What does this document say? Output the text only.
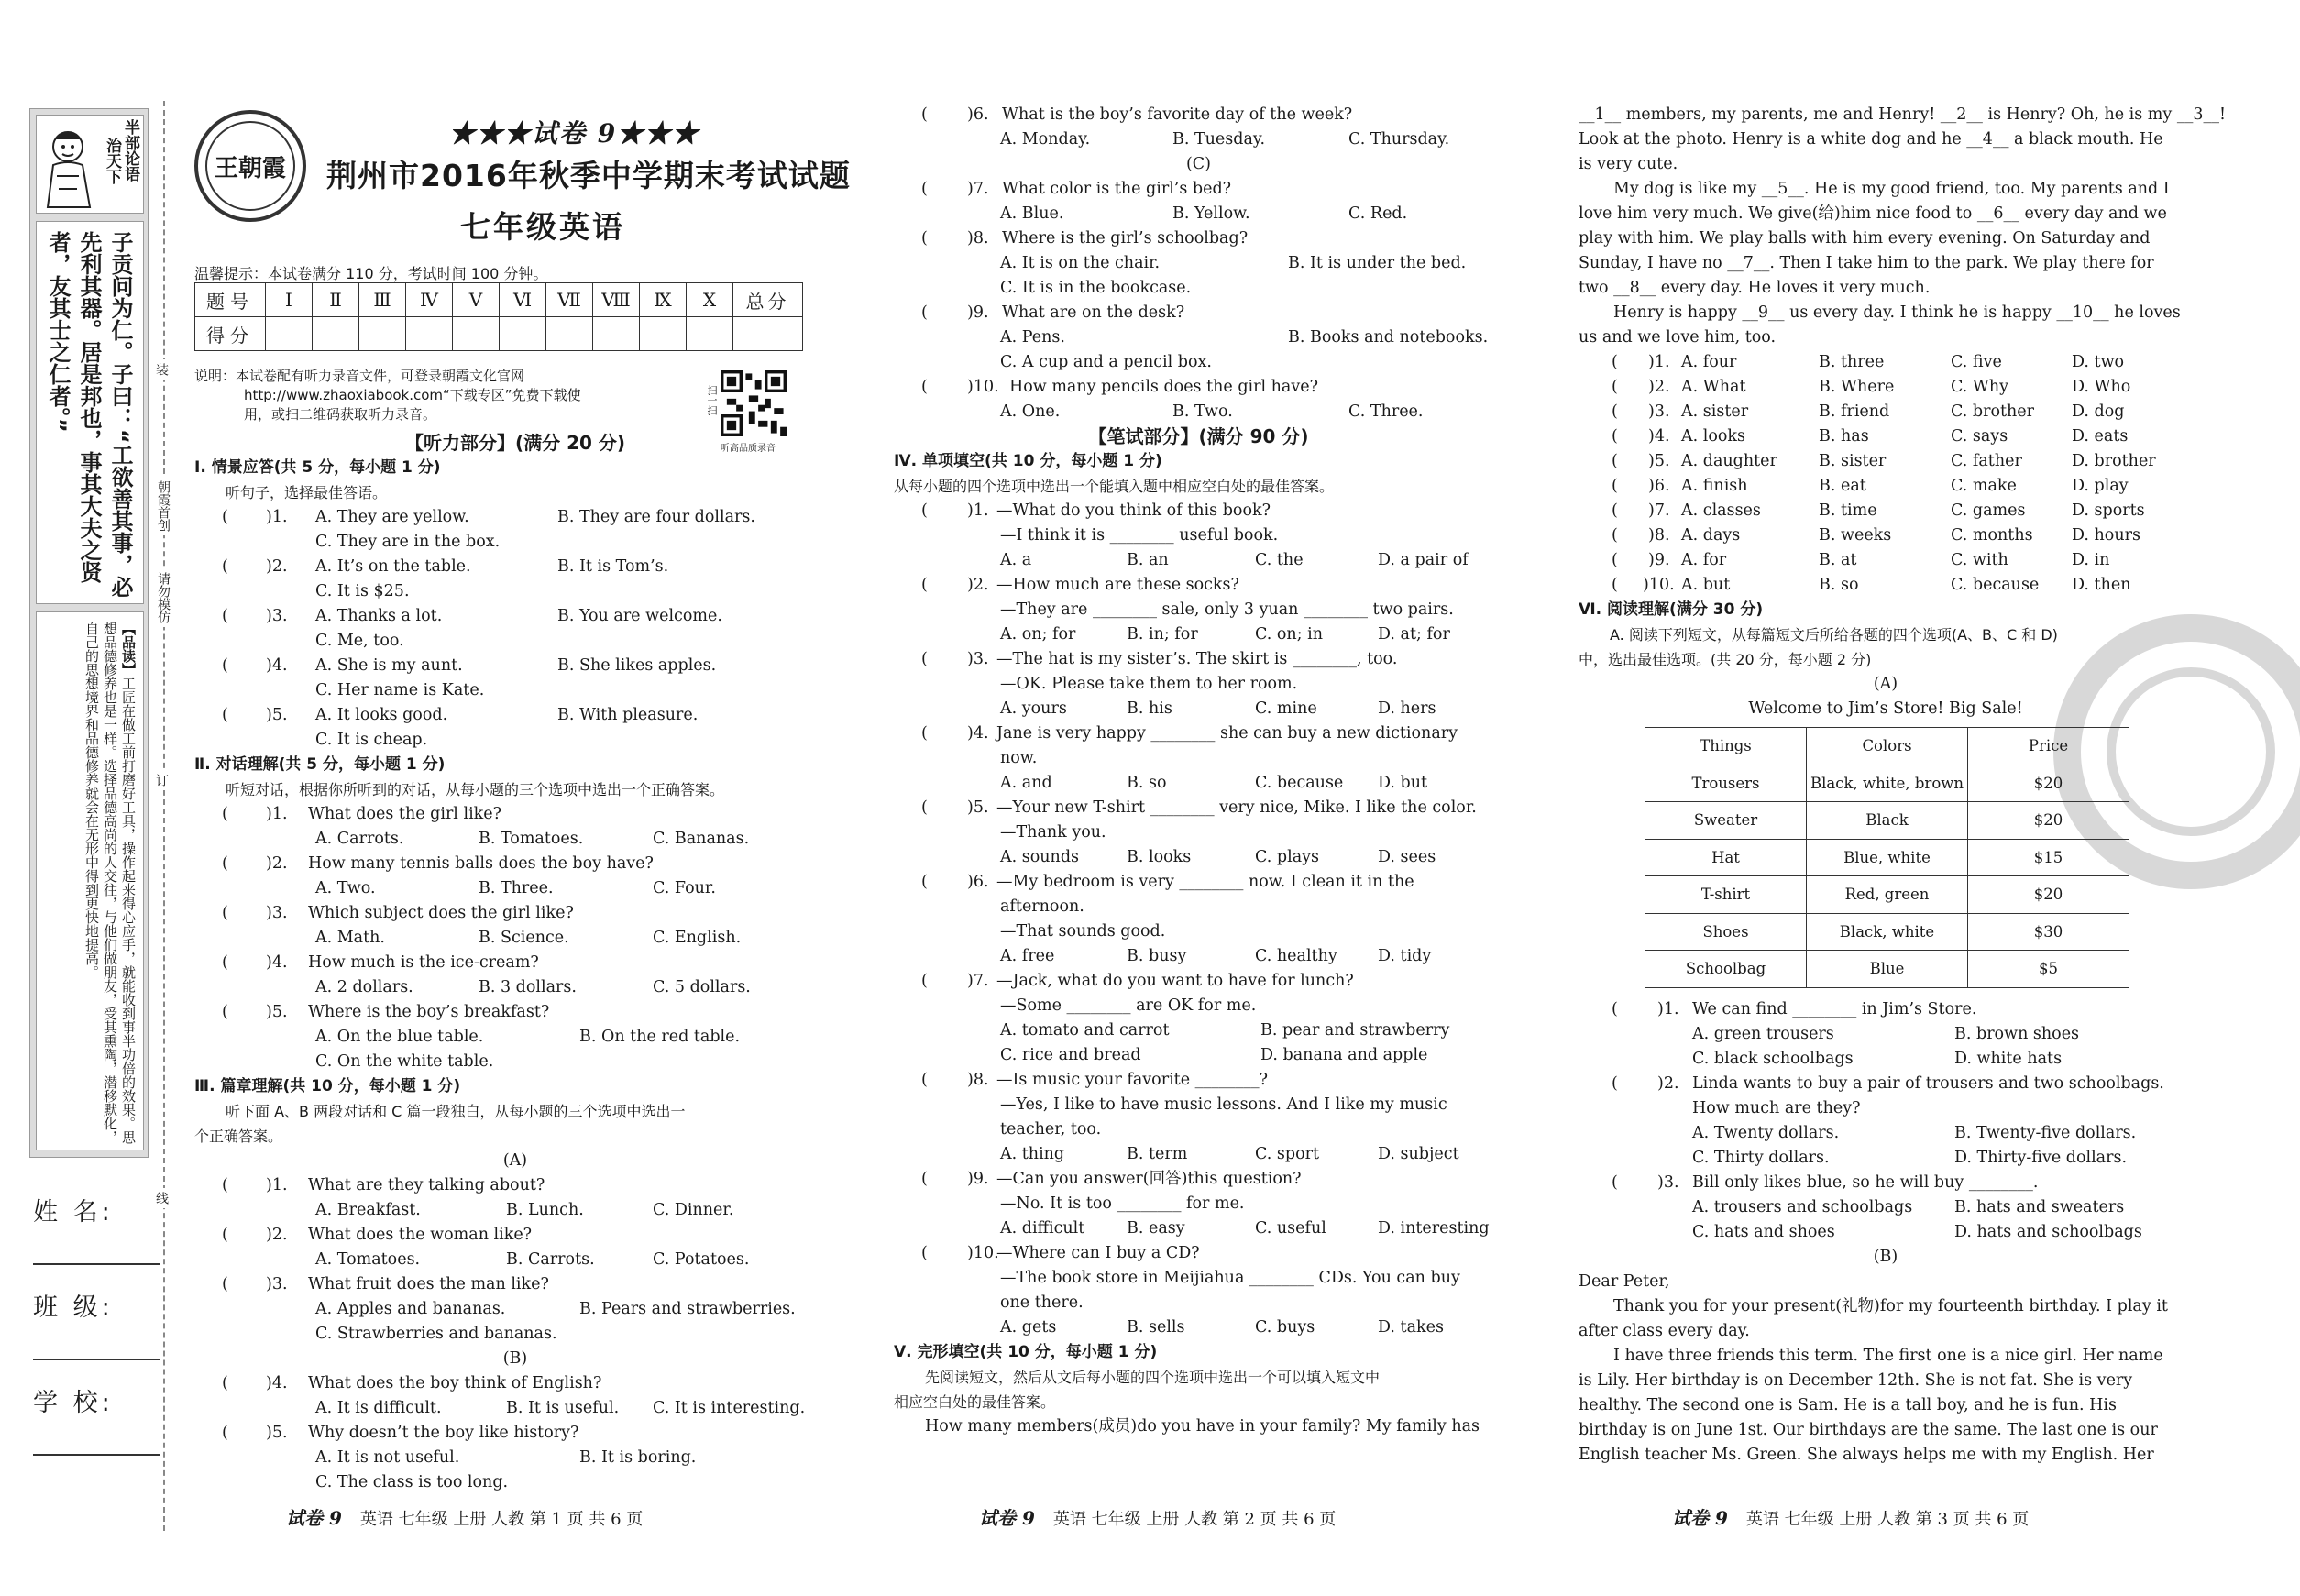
半部论语
治天下
子贡问为仁。子曰：“工欲善其事，必先利其器。居是邦也，事其大夫之贤者，友其士之仁者。”
【品读】工匠在做工前打磨好工具，操作起来得心应手，就能收到事半功倍的效果。思想品德修养也是一样。选择品德高尚的人交往，与他们做朋友，受其熏陶，潜移默化，自己的思想境界和品德修养就会在无形中得到更快地提高。
姓 名:
班 级:
学 校:
装
订
线
朝霞首创
请勿模仿
王朝霞
★★★试卷 9★★★
荆州市2016年秋季中学期末考试试题
七年级英语
温馨提示：本试卷满分 110 分，考试时间 100 分钟。
题号	Ⅰ	Ⅱ	Ⅲ	Ⅳ	Ⅴ	Ⅵ	Ⅶ	Ⅷ	Ⅸ	Ⅹ	总分
得分											
说明：本试卷配有听力录音文件，可登录朝霞文化官网
http://www.zhaoxiabook.com“下载专区”免费下载使
用，或扫二维码获取听力录音。	扫一扫
听高品质录音
【听力部分】(满分 20 分)
Ⅰ. 情景应答(共 5 分，每小题 1 分)
听句子，选择最佳答语。
( )1. A. They are yellow.	B. They are four dollars.
C. They are in the box.
( )2. A. It’s on the table.	B. It is Tom’s.
C. It is $25.
( )3. A. Thanks a lot.	B. You are welcome.
C. Me, too.
( )4. A. She is my aunt.	B. She likes apples.
C. Her name is Kate.
( )5. A. It looks good.	B. With pleasure.
C. It is cheap.
Ⅱ. 对话理解(共 5 分，每小题 1 分)
听短对话，根据你所听到的对话，从每小题的三个选项中选出一个正确答案。
( )1. What does the girl like?
A. Carrots.	B. Tomatoes.	C. Bananas.
( )2. How many tennis balls does the boy have?
A. Two.	B. Three.	C. Four.
( )3. Which subject does the girl like?
A. Math.	B. Science.	C. English.
( )4. How much is the ice-cream?
A. 2 dollars.	B. 3 dollars.	C. 5 dollars.
( )5. Where is the boy’s breakfast?
A. On the blue table.	B. On the red table.
C. On the white table.
Ⅲ. 篇章理解(共 10 分，每小题 1 分)
听下面 A、B 两段对话和 C 篇一段独白，从每小题的三个选项中选出一
个正确答案。
(A)
( )1. What are they talking about?
A. Breakfast.	B. Lunch.	C. Dinner.
( )2. What does the woman like?
A. Tomatoes.	B. Carrots.	C. Potatoes.
( )3. What fruit does the man like?
A. Apples and bananas.	B. Pears and strawberries.
C. Strawberries and bananas.
(B)
( )4. What does the boy think of English?
A. It is difficult.	B. It is useful. C. It is interesting.
( )5. Why doesn’t the boy like history?
A. It is not useful.	B. It is boring.
C. The class is too long.
试卷 9 英语 七年级 上册 人教 第 1 页 共 6 页
( )6. What is the boy’s favorite day of the week?
A. Monday.	B. Tuesday.	C. Thursday.
(C)
( )7. What color is the girl’s bed?
A. Blue.	B. Yellow.	C. Red.
( )8. Where is the girl’s schoolbag?
A. It is on the chair.	B. It is under the bed.
C. It is in the bookcase.
( )9. What are on the desk?
A. Pens.	B. Books and notebooks.
C. A cup and a pencil box.
( )10. How many pencils does the girl have?
A. One.	B. Two.	C. Three.
【笔试部分】(满分 90 分)
Ⅳ. 单项填空(共 10 分，每小题 1 分)
从每小题的四个选项中选出一个能填入题中相应空白处的最佳答案。
( )1. —What do you think of this book?
—I think it is ________ useful book.
A. a	B. an	C. the	D. a pair of
( )2. —How much are these socks?
—They are ________ sale, only 3 yuan ________ two pairs.
A. on; for	B. in; for	C. on; in	D. at; for
( )3. —The hat is my sister’s. The skirt is ________, too.
—OK. Please take them to her room.
A. yours	B. his	C. mine	D. hers
( )4. Jane is very happy ________ she can buy a new dictionary
now.
A. and	B. so	C. because D. but
( )5. —Your new T-shirt ________ very nice, Mike. I like the color.
—Thank you.
A. sounds	B. looks	C. plays	D. sees
( )6. —My bedroom is very ________ now. I clean it in the
afternoon.
—That sounds good.
A. free	B. busy	C. healthy	D. tidy
( )7. —Jack, what do you want to have for lunch?
—Some ________ are OK for me.
A. tomato and carrot	B. pear and strawberry
C. rice and bread	D. banana and apple
( )8. —Is music your favorite ________?
—Yes, I like to have music lessons. And I like my music
teacher, too.
A. thing	B. term	C. sport	D. subject
( )9. —Can you answer(回答)this question?
—No. It is too ________ for me.
A. difficult	B. easy	C. useful	D. interesting
( )10.
—Where can I buy a CD?
—The book store in Meijiahua ________ CDs. You can buy
one there.
A. gets	B. sells	C. buys	D. takes
Ⅴ. 完形填空(共 10 分，每小题 1 分)
先阅读短文，然后从文后每小题的四个选项中选出一个可以填入短文中
相应空白处的最佳答案。
How many members(成员)do you have in your family? My family has
试卷 9 英语 七年级 上册 人教 第 2 页 共 6 页
__1__ members, my parents, me and Henry! __2__ is Henry? Oh, he is my __3__!
Look at the photo. Henry is a white dog and he __4__ a black mouth. He
is very cute.
My dog is like my __5__. He is my good friend, too. My parents and I
love him very much. We give(给)him nice food to __6__ every day and we
play with him. We play balls with him every evening. On Saturday and
Sunday, I have no __7__. Then I take him to the park. We play there for
two __8__ every day. He loves it very much.
Henry is happy __9__ us every day. I think he is happy __10__ he loves
us and we love him, too.
( )1. A. four	B. three	C. five	D. two
( )2. A. What	B. Where	C. Why	D. Who
( )3. A. sister	B. friend	C. brother D. dog
( )4. A. looks	B. has	C. says	D. eats
( )5. A. daughter	B. sister	C. father	D. brother
( )6. A. finish	B. eat	C. make	D. play
( )7. A. classes	B. time	C. games	D. sports
( )8. A. days	B. weeks	C. months D. hours
( )9. A. for	B. at	C. with	D. in
( )10. A. but	B. so	C. because D. then
Ⅵ. 阅读理解(满分 30 分)
A. 阅读下列短文，从每篇短文后所给各题的四个选项(A、B、C 和 D)
中，选出最佳选项。(共 20 分，每小题 2 分)
(A)
Welcome to Jim’s Store! Big Sale!
Things	Colors	Price
Trousers	Black, white, brown	$20
Sweater	Black	$20
Hat	Blue, white	$15
T-shirt	Red, green	$20
Shoes	Black, white	$30
Schoolbag	Blue	$5
( )1. We can find ________ in Jim’s Store.
A. green trousers	B. brown shoes
C. black schoolbags	D. white hats
( )2. Linda wants to buy a pair of trousers and two schoolbags.
How much are they?
A. Twenty dollars.	B. Twenty-five dollars.
C. Thirty dollars.	D. Thirty-five dollars.
( )3. Bill only likes blue, so he will buy ________.
A. trousers and schoolbags	B. hats and sweaters
C. hats and shoes	D. hats and schoolbags
(B)
Dear Peter,
Thank you for your present(礼物)for my fourteenth birthday. I play it
after class every day.
I have three friends this term. The first one is a nice girl. Her name
is Lily. Her birthday is on December 12th. She is not fat. She is very
healthy. The second one is Sam. He is a tall boy, and he is fun. His
birthday is on June 1st. Our birthdays are the same. The last one is our
English teacher Ms. Green. She always helps me with my English. Her
试卷 9 英语 七年级 上册 人教 第 3 页 共 6 页
